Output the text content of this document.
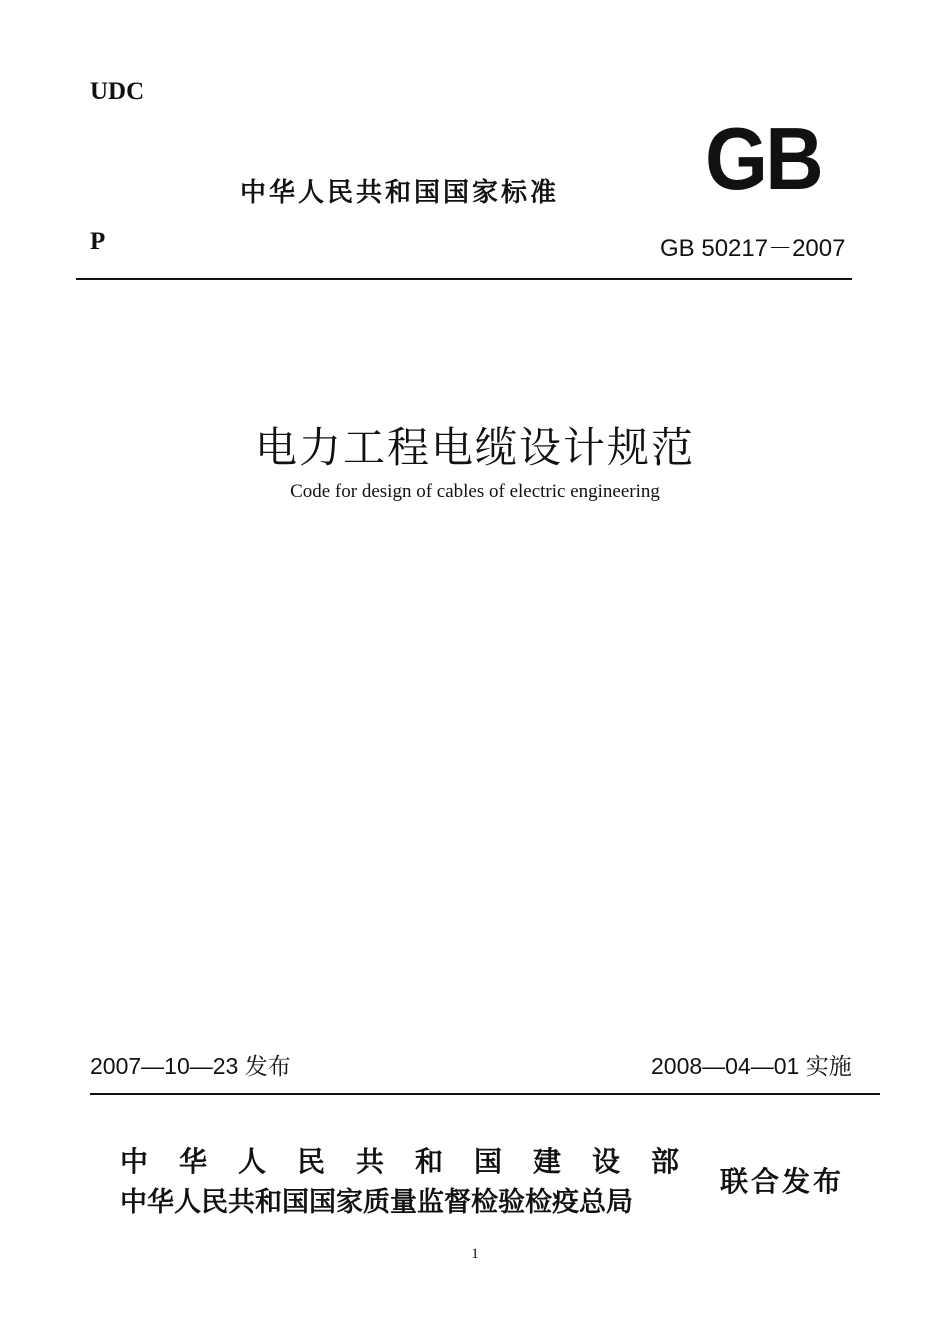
UDC
中华人民共和国国家标准 GB
P	GB 50217－2007
电力工程电缆设计规范
Code for design of cables of electric engineering
2007—10—23 发布	2008—04—01 实施
中华人民共和国建设部
中华人民共和国国家质量监督检验检疫总局
联合发布
1
